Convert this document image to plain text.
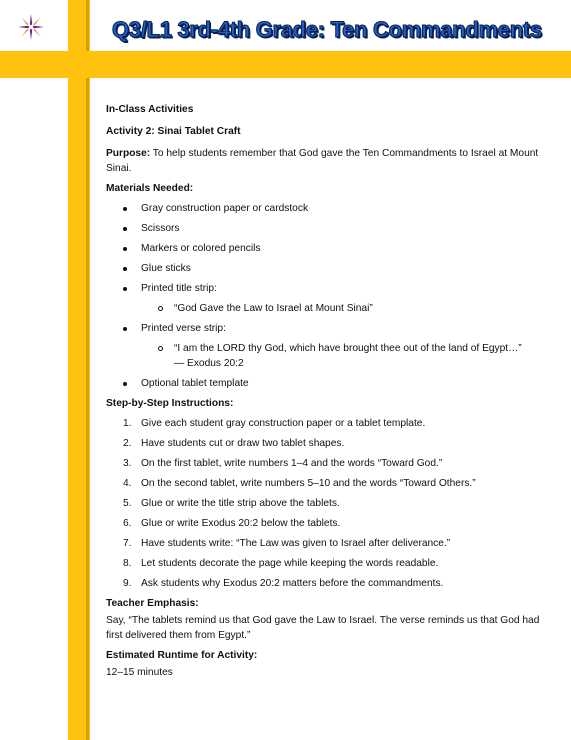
Q3/L1 3rd-4th Grade: Ten Commandments

In-Class Activities

Activity 2: Sinai Tablet Craft

Purpose: To help students remember that God gave the Ten Commandments to Israel at Mount Sinai.

Materials Needed:

Gray construction paper or cardstock
Scissors
Markers or colored pencils
Glue sticks
Printed title strip:
“God Gave the Law to Israel at Mount Sinai”
Printed verse strip:
“I am the LORD thy God, which have brought thee out of the land of Egypt…”
— Exodus 20:2
Optional tablet template

Step-by-Step Instructions:

1. Give each student gray construction paper or a tablet template.
2. Have students cut or draw two tablet shapes.
3. On the first tablet, write numbers 1–4 and the words “Toward God.”
4. On the second tablet, write numbers 5–10 and the words “Toward Others.”
5. Glue or write the title strip above the tablets.
6. Glue or write Exodus 20:2 below the tablets.
7. Have students write: “The Law was given to Israel after deliverance.”
8. Let students decorate the page while keeping the words readable.
9. Ask students why Exodus 20:2 matters before the commandments.

Teacher Emphasis:

Say, “The tablets remind us that God gave the Law to Israel. The verse reminds us that God had first delivered them from Egypt.”

Estimated Runtime for Activity:

12–15 minutes
